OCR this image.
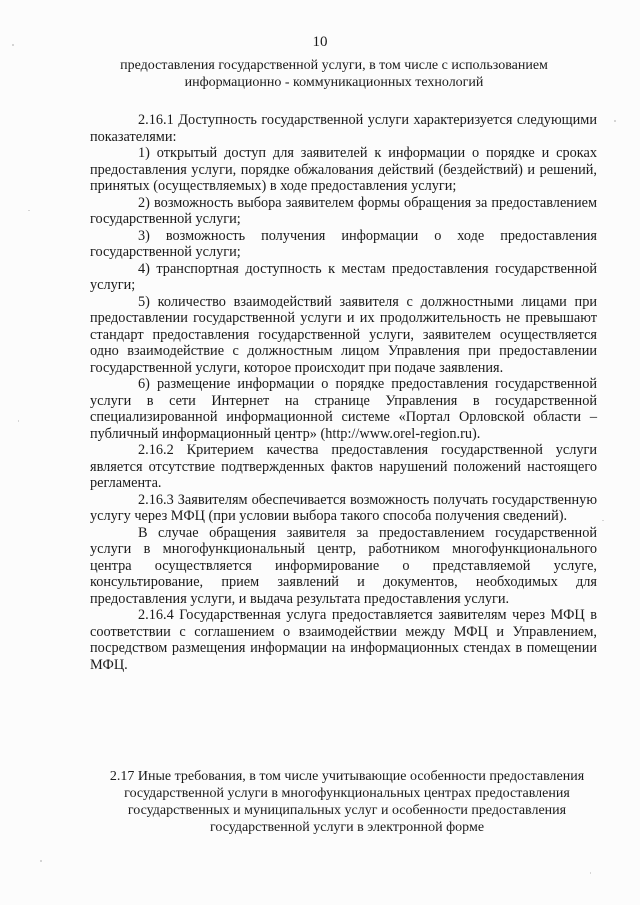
10
предоставления государственной услуги, в том числе с использованием информационно - коммуникационных технологий

2.16.1 Доступность государственной услуги характеризуется следующими показателями:

1) открытый доступ для заявителей к информации о порядке и сроках предоставления услуги, порядке обжалования действий (бездействий) и решений, принятых (осуществляемых) в ходе предоставления услуги;

2) возможность выбора заявителем формы обращения за предоставлением государственной услуги;

3) возможность получения информации о ходе предоставления государственной услуги;

4) транспортная доступность к местам предоставления государственной услуги;

5) количество взаимодействий заявителя с должностными лицами при предоставлении государственной услуги и их продолжительность не превышают стандарт предоставления государственной услуги, заявителем осуществляется одно взаимодействие с должностным лицом Управления при предоставлении государственной услуги, которое происходит при подаче заявления.

6) размещение информации о порядке предоставления государственной услуги в сети Интернет на странице Управления в государственной специализированной информационной системе «Портал Орловской области – публичный информационный центр» (http://www.orel-region.ru).

2.16.2 Критерием качества предоставления государственной услуги является отсутствие подтвержденных фактов нарушений положений настоящего регламента.

2.16.3 Заявителям обеспечивается возможность получать государственную услугу через МФЦ (при условии выбора такого способа получения сведений).

В случае обращения заявителя за предоставлением государственной услуги в многофункциональный центр, работником многофункционального центра осуществляется информирование о представляемой услуге, консультирование, прием заявлений и документов, необходимых для предоставления услуги, и выдача результата предоставления услуги.

2.16.4 Государственная услуга предоставляется заявителям через МФЦ в соответствии с соглашением о взаимодействии между МФЦ и Управлением, посредством размещения информации на информационных стендах в помещении МФЦ.

2.17 Иные требования, в том числе учитывающие особенности предоставления государственной услуги в многофункциональных центрах предоставления государственных и муниципальных услуг и особенности предоставления государственной услуги в электронной форме
